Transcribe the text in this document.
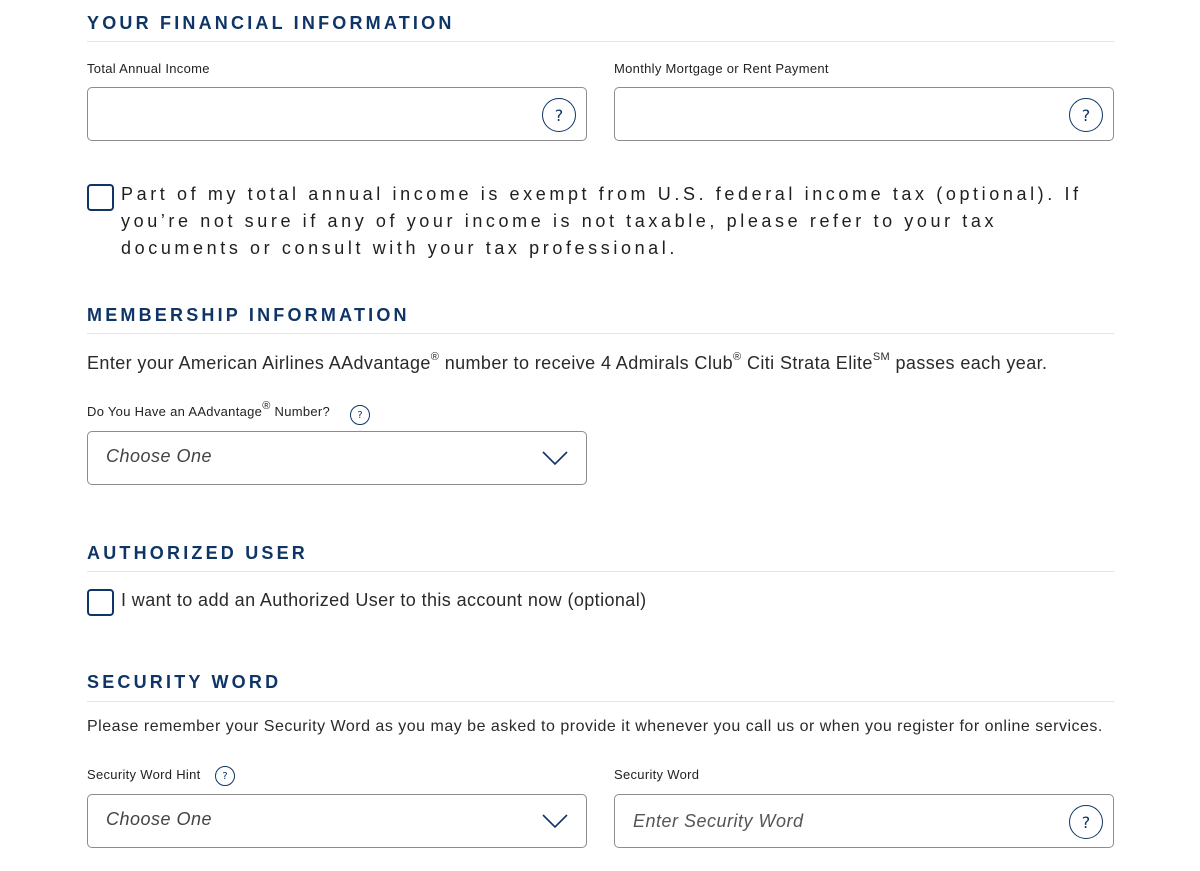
YOUR FINANCIAL INFORMATION
Total Annual Income
?
Monthly Mortgage or Rent Payment
?
Part of my total annual income is exempt from U.S. federal income tax (optional). If you’re not sure if any of your income is not taxable, please refer to your tax documents or consult with your tax professional.
MEMBERSHIP INFORMATION
Enter your American Airlines AAdvantage® number to receive 4 Admirals Club® Citi Strata Elite℠ passes each year.
Do You Have an AAdvantage® Number?	?
Choose One
AUTHORIZED USER
I want to add an Authorized User to this account now (optional)
SECURITY WORD
Please remember your Security Word as you may be asked to provide it whenever you call us or when you register for online services.
Security Word Hint	?
Choose One
Security Word
Enter Security Word
?
